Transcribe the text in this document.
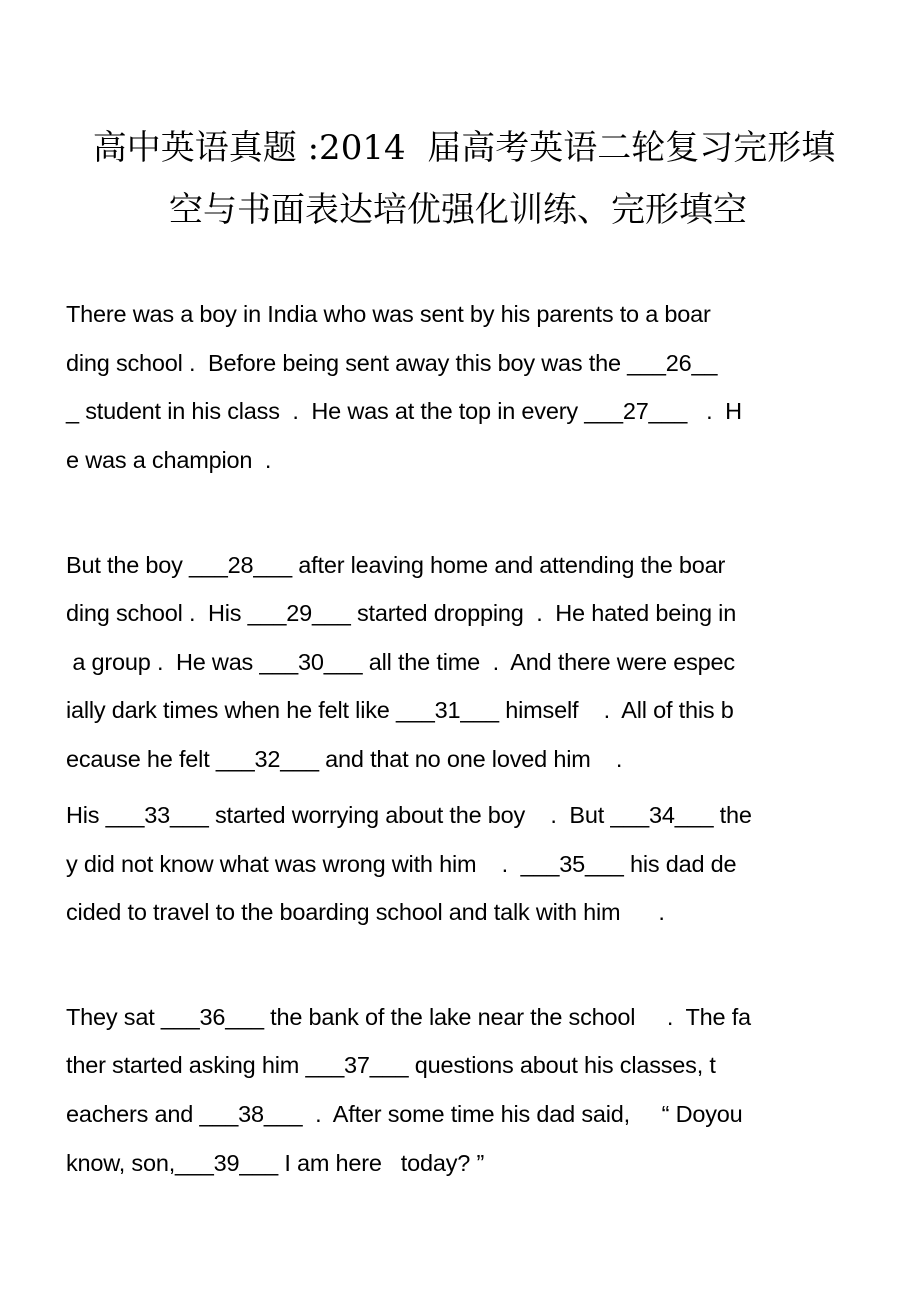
高中英语真题 :2014  届高考英语二轮复习完形填
空与书面表达培优强化训练、完形填空
There was a boy in India who was sent by his parents to a boar
ding school .  Before being sent away this boy was the ___26__
_ student in his class  .  He was at the top in every ___27___   .  H
e was a champion  .
But the boy ___28___ after leaving home and attending the boar
ding school .  His ___29___ started dropping  .  He hated being in
a group .  He was ___30___ all the time  .  And there were espec
ially dark times when he felt like ___31___ himself    .  All of this b
ecause he felt ___32___ and that no one loved him    .
His ___33___ started worrying about the boy    .  But ___34___ the
y did not know what was wrong with him    .  ___35___ his dad de
cided to travel to the boarding school and talk with him      .
They sat ___36___ the bank of the lake near the school     .  The fa
ther started asking him ___37___ questions about his classes, t
eachers and ___38___  .  After some time his dad said,     “ Doyou
know, son,___39___ I am here   today? ”
